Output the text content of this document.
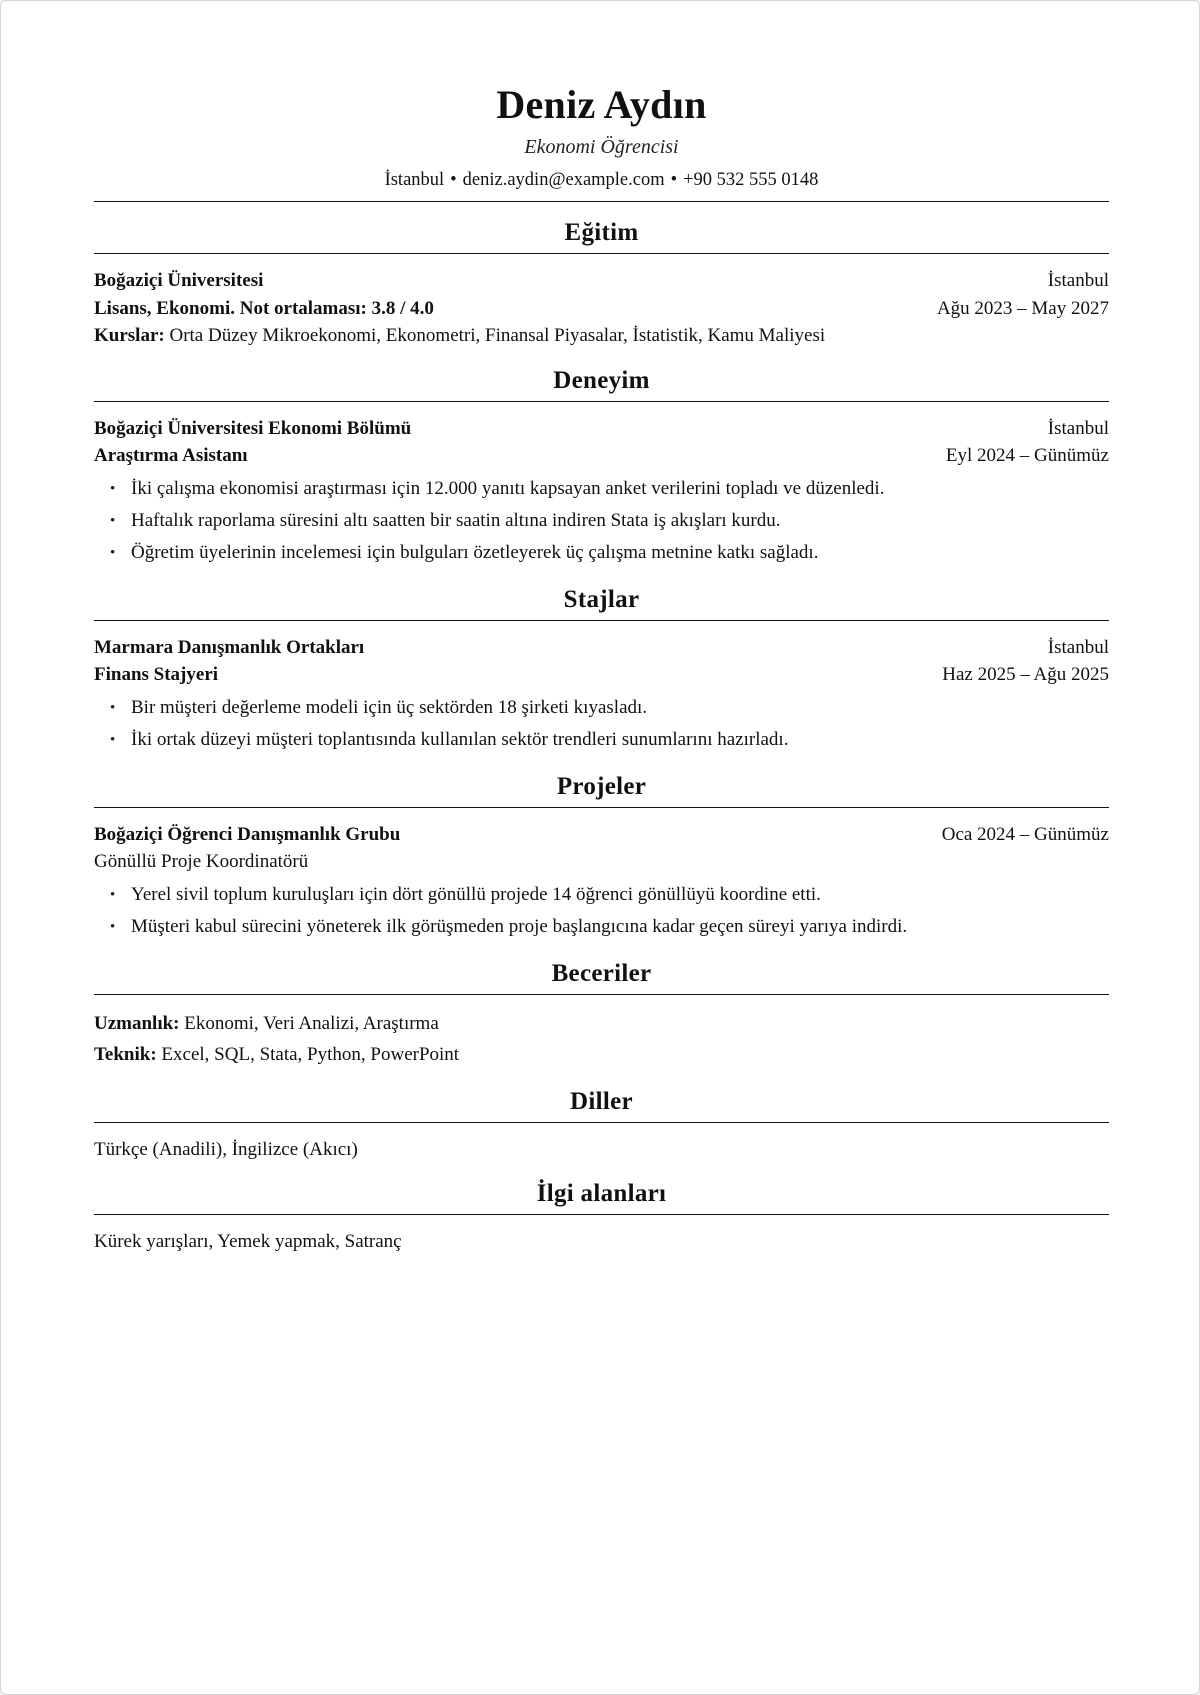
Deniz Aydın
Ekonomi Öğrencisi
İstanbul • deniz.aydin@example.com • +90 532 555 0148
Eğitim
Boğaziçi Üniversitesi	İstanbul
Lisans, Ekonomi. Not ortalaması: 3.8 / 4.0	Ağu 2023 – May 2027
Kurslar: Orta Düzey Mikroekonomi, Ekonometri, Finansal Piyasalar, İstatistik, Kamu Maliyesi
Deneyim
Boğaziçi Üniversitesi Ekonomi Bölümü	İstanbul
Araştırma Asistanı	Eyl 2024 – Günümüz
• İki çalışma ekonomisi araştırması için 12.000 yanıtı kapsayan anket verilerini topladı ve düzenledi.
• Haftalık raporlama süresini altı saatten bir saatin altına indiren Stata iş akışları kurdu.
• Öğretim üyelerinin incelemesi için bulguları özetleyerek üç çalışma metnine katkı sağladı.
Stajlar
Marmara Danışmanlık Ortakları	İstanbul
Finans Stajyeri	Haz 2025 – Ağu 2025
• Bir müşteri değerleme modeli için üç sektörden 18 şirketi kıyasladı.
• İki ortak düzeyi müşteri toplantısında kullanılan sektör trendleri sunumlarını hazırladı.
Projeler
Boğaziçi Öğrenci Danışmanlık Grubu	Oca 2024 – Günümüz
Gönüllü Proje Koordinatörü
• Yerel sivil toplum kuruluşları için dört gönüllü projede 14 öğrenci gönüllüyü koordine etti.
• Müşteri kabul sürecini yöneterek ilk görüşmeden proje başlangıcına kadar geçen süreyi yarıya indirdi.
Beceriler
Uzmanlık: Ekonomi, Veri Analizi, Araştırma
Teknik: Excel, SQL, Stata, Python, PowerPoint
Diller
Türkçe (Anadili), İngilizce (Akıcı)
İlgi alanları
Kürek yarışları, Yemek yapmak, Satranç
